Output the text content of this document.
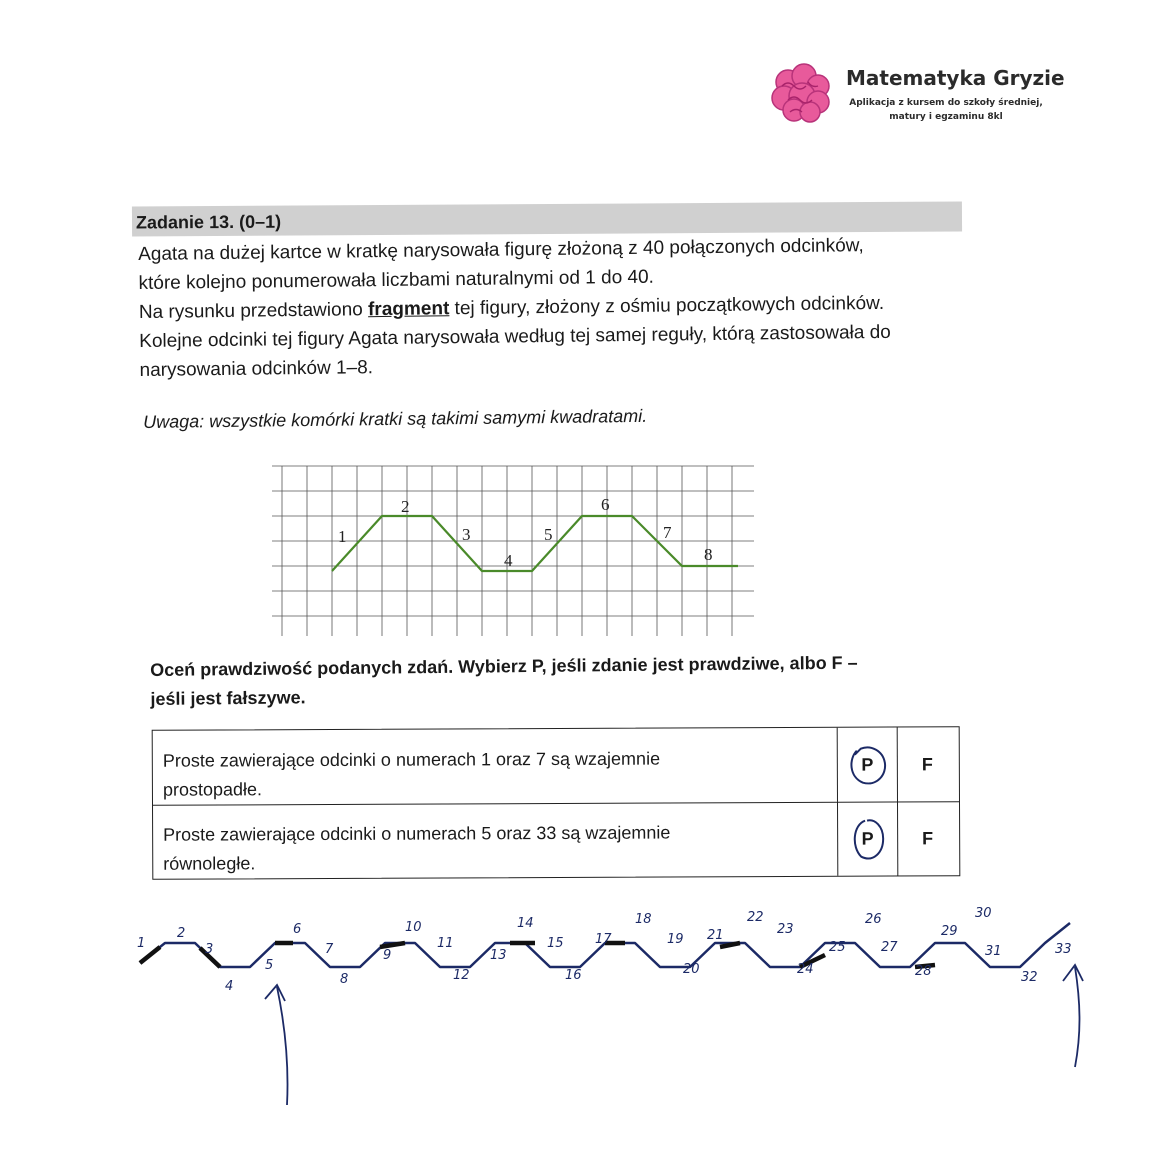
Matematyka Gryzie
Aplikacja z kursem do szkoły średniej, matury i egzaminu 8kl
Zadanie 13. (0–1)

Agata na dużej kartce w kratkę narysowała figurę złożoną z 40 połączonych odcinków,

które kolejno ponumerowała liczbami naturalnymi od 1 do 40.

Na rysunku przedstawiono fragment tej figury, złożony z ośmiu początkowych odcinków.

Kolejne odcinki tej figury Agata narysowała według tej samej reguły, którą zastosowała do

narysowania odcinków 1–8.

Uwaga: wszystkie komórki kratki są takimi samymi kwadratami.
1
2
3
4
5
6
7
8
Oceń prawdziwość podanych zdań. Wybierz P, jeśli zdanie jest prawdziwe, albo F –
jeśli jest fałszywe.
Proste zawierające odcinki o numerach 1 oraz 7 są wzajemnie
prostopadłe.
P	F
Proste zawierające odcinki o numerach 5 oraz 33 są wzajemnie
równoległe.
P	F
1
2
3
4
5
6
7
8
9
10
11
12
13
14
15
16
17
18
19
20
21
22
23
24
25
26
27
28
29
30
31
32
33
